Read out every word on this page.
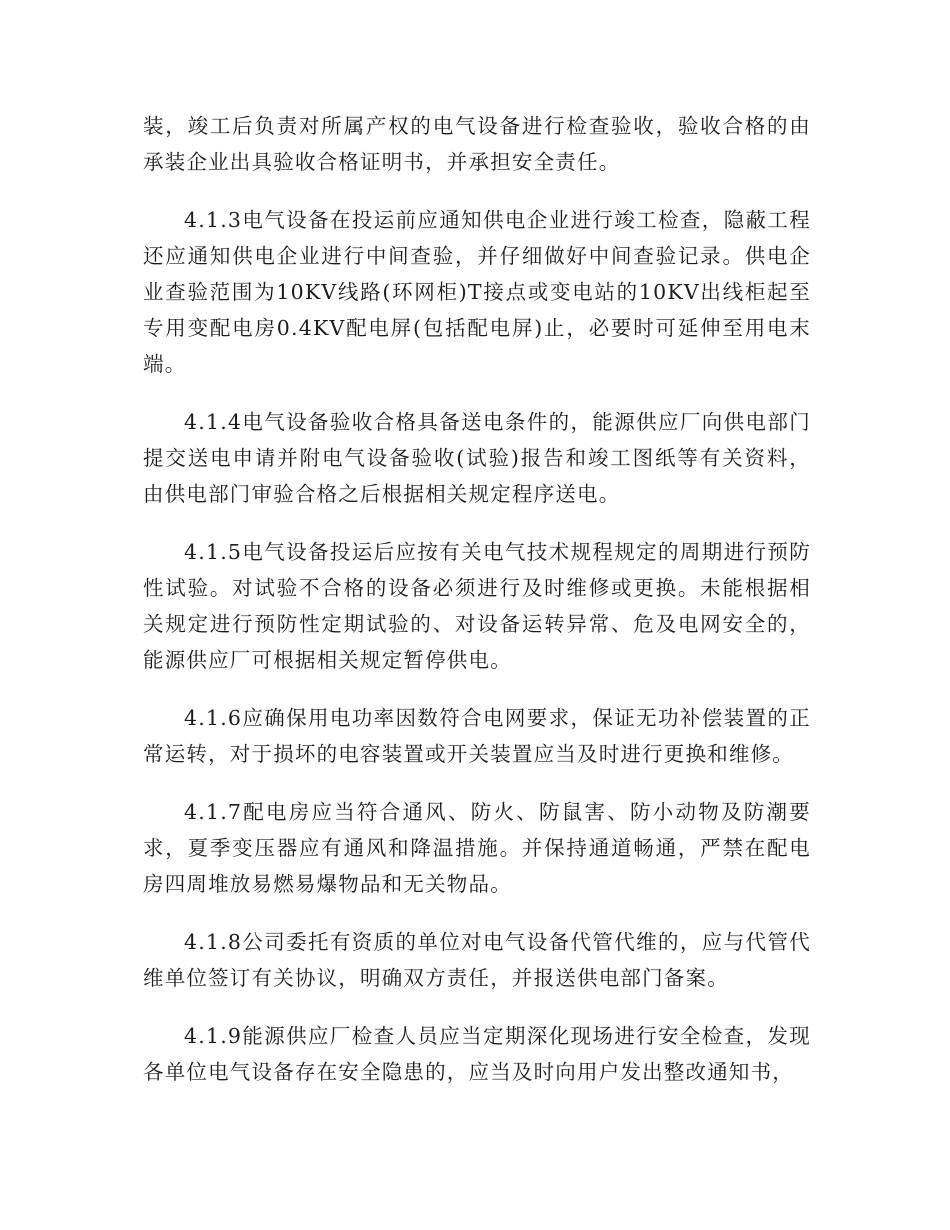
装，竣工后负责对所属产权的电气设备进行检查验收，验收合格的由承装企业出具验收合格证明书，并承担安全责任。

4.1.3电气设备在投运前应通知供电企业进行竣工检查，隐蔽工程还应通知供电企业进行中间查验，并仔细做好中间查验记录。供电企业查验范围为10KV线路(环网柜)T接点或变电站的10KV出线柜起至专用变配电房0.4KV配电屏(包括配电屏)止，必要时可延伸至用电末端。

4.1.4电气设备验收合格具备送电条件的，能源供应厂向供电部门提交送电申请并附电气设备验收(试验)报告和竣工图纸等有关资料，由供电部门审验合格之后根据相关规定程序送电。

4.1.5电气设备投运后应按有关电气技术规程规定的周期进行预防性试验。对试验不合格的设备必须进行及时维修或更换。未能根据相关规定进行预防性定期试验的、对设备运转异常、危及电网安全的，能源供应厂可根据相关规定暂停供电。

4.1.6应确保用电功率因数符合电网要求，保证无功补偿装置的正常运转，对于损坏的电容装置或开关装置应当及时进行更换和维修。

4.1.7配电房应当符合通风、防火、防鼠害、防小动物及防潮要求，夏季变压器应有通风和降温措施。并保持通道畅通，严禁在配电房四周堆放易燃易爆物品和无关物品。

4.1.8公司委托有资质的单位对电气设备代管代维的，应与代管代维单位签订有关协议，明确双方责任，并报送供电部门备案。

4.1.9能源供应厂检查人员应当定期深化现场进行安全检查，发现各单位电气设备存在安全隐患的，应当及时向用户发出整改通知书，
